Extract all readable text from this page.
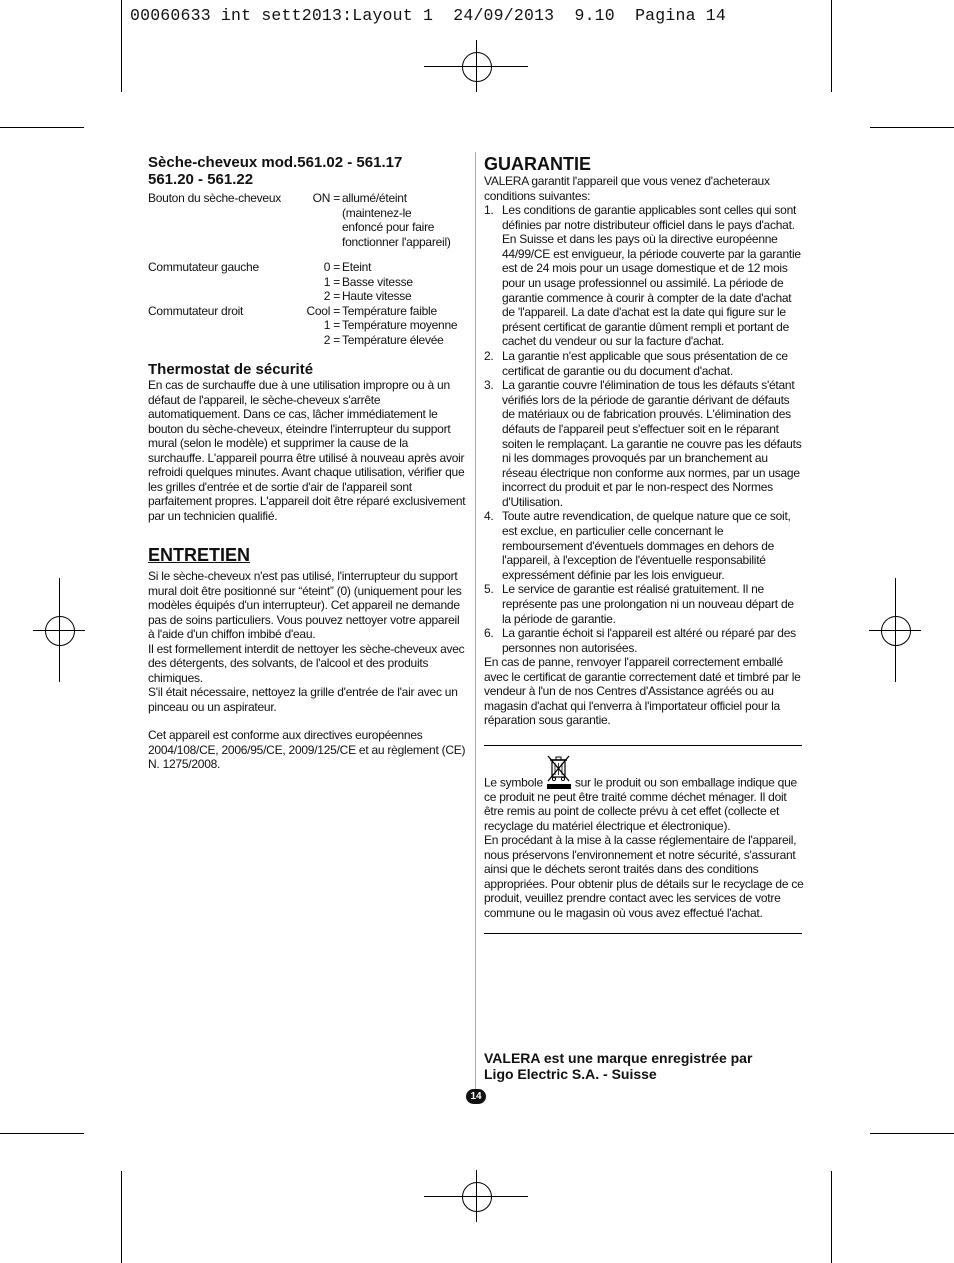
00060633 int sett2013:Layout 1  24/09/2013  9.10  Pagina 14
Sèche-cheveux mod.561.02 - 561.17
561.20 - 561.22
Bouton du sèche-cheveux	ON = allumé/éteint (maintenez-le
enfoncé pour faire
fonctionner l'appareil)
Commutateur gauche	0 = Eteint
1 = Basse vitesse
2 = Haute vitesse
Commutateur droit	Cool = Température faible
1 = Température moyenne
2 = Température élevée
Thermostat de sécurité

En cas de surchauffe due à une utilisation impropre ou à un défaut de l'appareil, le sèche-cheveux s'arrête automatiquement. Dans ce cas, lâcher immédiatement le bouton du sèche-cheveux, éteindre l'interrupteur du support mural (selon le modèle) et supprimer la cause de la surchauffe. L'appareil pourra être utilisé à nouveau après avoir refroidi quelques minutes. Avant chaque utilisation, vérifier que les grilles d'entrée et de sortie d'air de l'appareil sont parfaitement propres. L'appareil doit être réparé exclusivement par un technicien qualifié.

ENTRETIEN

Si le sèche-cheveux n'est pas utilisé, l'interrupteur du support mural doit être positionné sur “éteint” (0) (uniquement pour les modèles équipés d'un interrupteur). Cet appareil ne demande pas de soins particuliers. Vous pouvez nettoyer votre appareil à l'aide d'un chiffon imbibé d'eau.

Il est formellement interdit de nettoyer les sèche-cheveux avec des détergents, des solvants, de l'alcool et des produits chimiques.

S'il était nécessaire, nettoyez la grille d'entrée de l'air avec un pinceau ou un aspirateur.

Cet appareil est conforme aux directives européennes 2004/108/CE, 2006/95/CE, 2009/125/CE et au règlement (CE) N. 1275/2008.

GUARANTIE

VALERA garantit l'appareil que vous venez d'acheteraux conditions suivantes:

1. Les conditions de garantie applicables sont celles qui sont définies par notre distributeur officiel dans le pays d'achat. En Suisse et dans les pays où la directive européenne 44/99/CE est envigueur, la période couverte par la garantie est de 24 mois pour un usage domestique et de 12 mois pour un usage professionnel ou assimilé. La période de garantie commence à courir à compter de la date d'achat de 'l'appareil. La date d'achat est la date qui figure sur le présent certificat de garantie dûment rempli et portant de cachet du vendeur ou sur la facture d'achat.
2. La garantie n'est applicable que sous présentation de ce certificat de garantie ou du document d'achat.
3. La garantie couvre l'élimination de tous les défauts s'étant vérifiés lors de la période de garantie dérivant de défauts de matériaux ou de fabrication prouvés. L'élimination des défauts de l'appareil peut s'effectuer soit en le réparant soiten le remplaçant. La garantie ne couvre pas les défauts ni les dommages provoqués par un branchement au réseau électrique non conforme aux normes, par un usage incorrect du produit et par le non-respect des Normes d'Utilisation.
4. Toute autre revendication, de quelque nature que ce soit, est exclue, en particulier celle concernant le remboursement d'éventuels dommages en dehors de l'appareil, à l'exception de l'éventuelle responsabilité expressément définie par les lois envigueur.
5. Le service de garantie est réalisé gratuitement. Il ne représente pas une prolongation ni un nouveau départ de la période de garantie.
6. La garantie échoit si l'appareil est altéré ou réparé par des personnes non autorisées.

En cas de panne, renvoyer l'appareil correctement emballé avec le certificat de garantie correctement daté et timbré par le vendeur à l'un de nos Centres d'Assistance agréés ou au magasin d'achat qui l'enverra à l'importateur officiel pour la réparation sous garantie.

Le symbole	sur le produit ou son emballage indique que ce produit ne peut être traité comme déchet ménager. Il doit être remis au point de collecte prévu à cet effet (collecte et recyclage du matériel électrique et électronique).

En procédant à la mise à la casse réglementaire de l'appareil, nous préservons l'environnement et notre sécurité, s'assurant ainsi que le déchets seront traités dans des conditions appropriées. Pour obtenir plus de détails sur le recyclage de ce produit, veuillez prendre contact avec les services de votre commune ou le magasin où vous avez effectué l'achat.

VALERA est une marque enregistrée par
Ligo Electric S.A. - Suisse
14
